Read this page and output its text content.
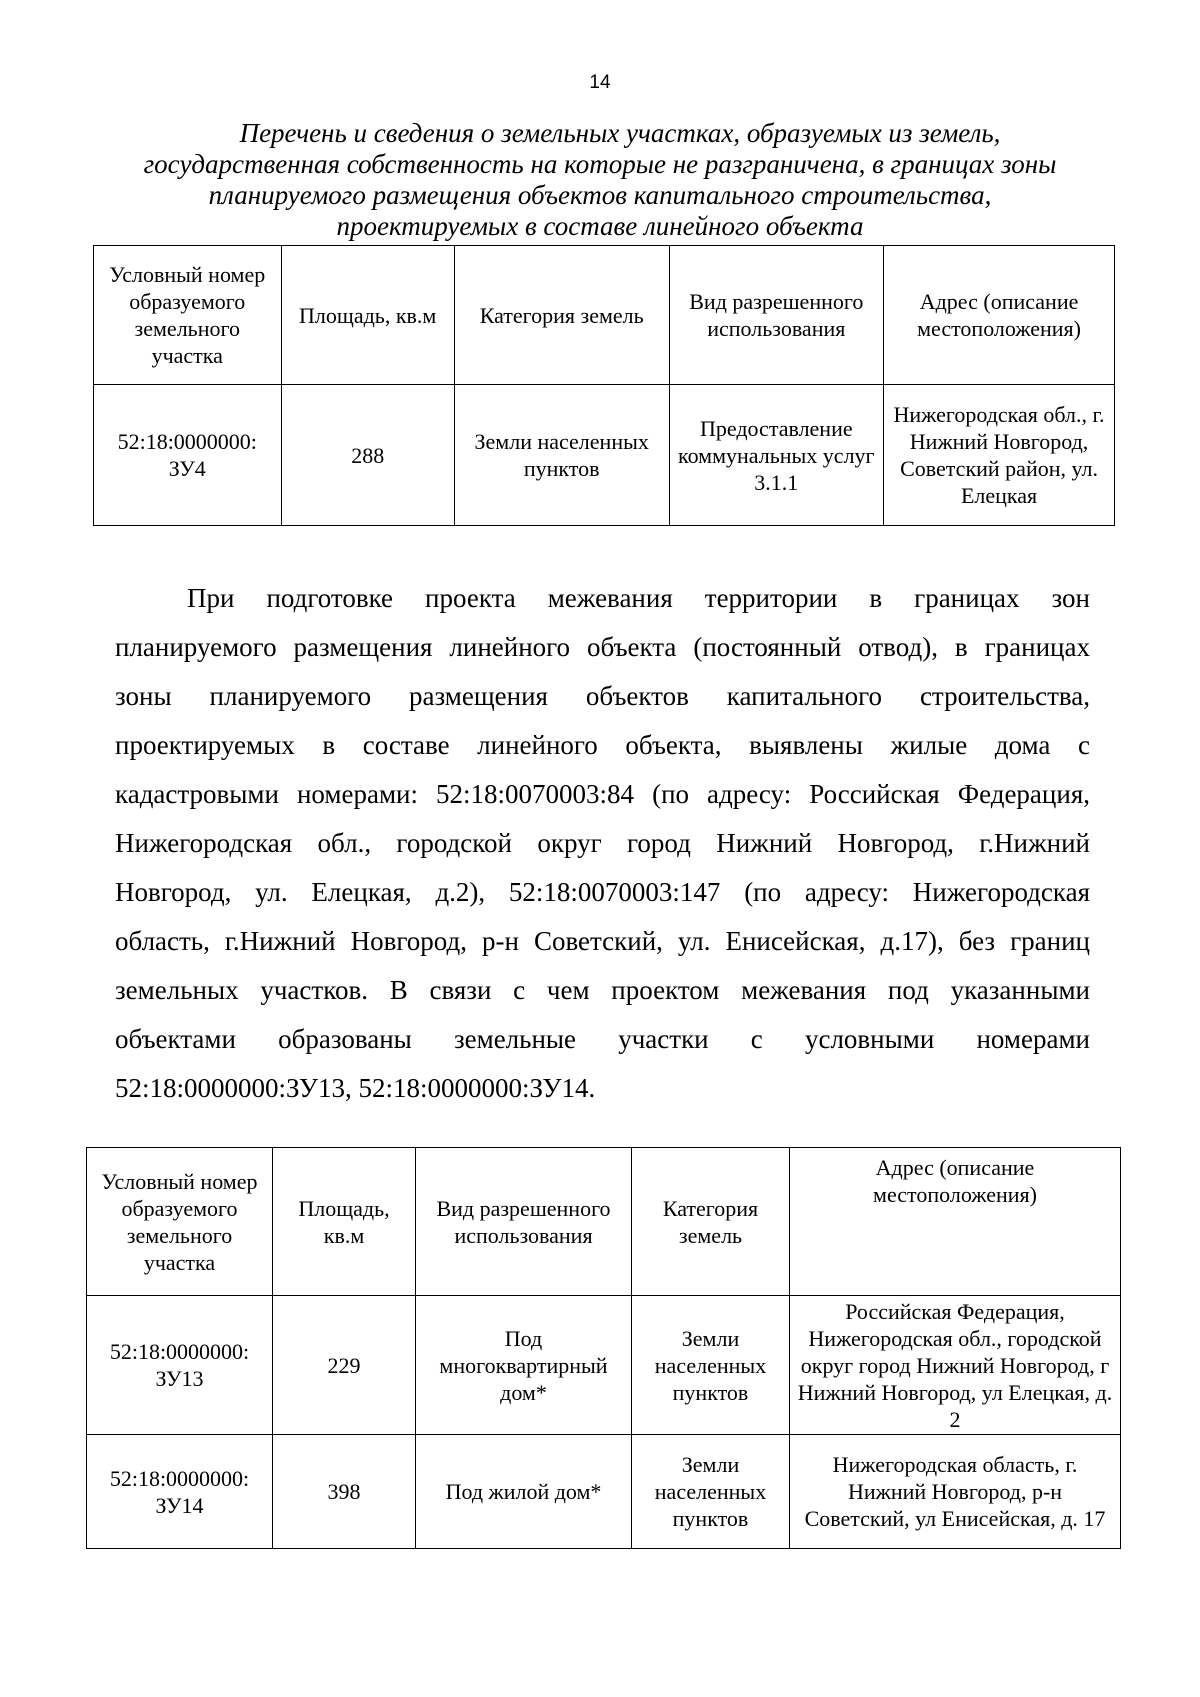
14
Перечень и сведения о земельных участках, образуемых из земель,
государственная собственность на которые не разграничена, в границах зоны
планируемого размещения объектов капитального строительства,
проектируемых в составе линейного объекта
Условный номер образуемого земельного участка	Площадь, кв.м	Категория земель	Вид разрешенного использования	Адрес (описание местоположения)
52:18:0000000: ЗУ4	288	Земли населенных пунктов	Предоставление коммунальных услуг 3.1.1	Нижегородская обл., г. Нижний Новгород, Советский район, ул. Елецкая
При подготовке проекта межевания территории в границах зон
планируемого размещения линейного объекта (постоянный отвод), в границах
зоны планируемого размещения объектов капитального строительства,
проектируемых в составе линейного объекта, выявлены жилые дома с
кадастровыми номерами: 52:18:0070003:84 (по адресу: Российская Федерация,
Нижегородская обл., городской округ город Нижний Новгород, г.Нижний
Новгород, ул. Елецкая, д.2), 52:18:0070003:147 (по адресу: Нижегородская
область, г.Нижний Новгород, р-н Советский, ул. Енисейская, д.17), без границ
земельных участков. В связи с чем проектом межевания под указанными
объектами образованы земельные участки с условными номерами
52:18:0000000:ЗУ13, 52:18:0000000:ЗУ14.
Условный номер образуемого земельного участка	Площадь, кв.м	Вид разрешенного использования	Категория земель	Адрес (описание местоположения)
52:18:0000000: ЗУ13	229	Под многоквартирный дом*	Земли населенных пунктов	Российская Федерация, Нижегородская обл., городской округ город Нижний Новгород, г Нижний Новгород, ул Елецкая, д. 2
52:18:0000000: ЗУ14	398	Под жилой дом*	Земли населенных пунктов	Нижегородская область, г. Нижний Новгород, р-н Советский, ул Енисейская, д. 17
